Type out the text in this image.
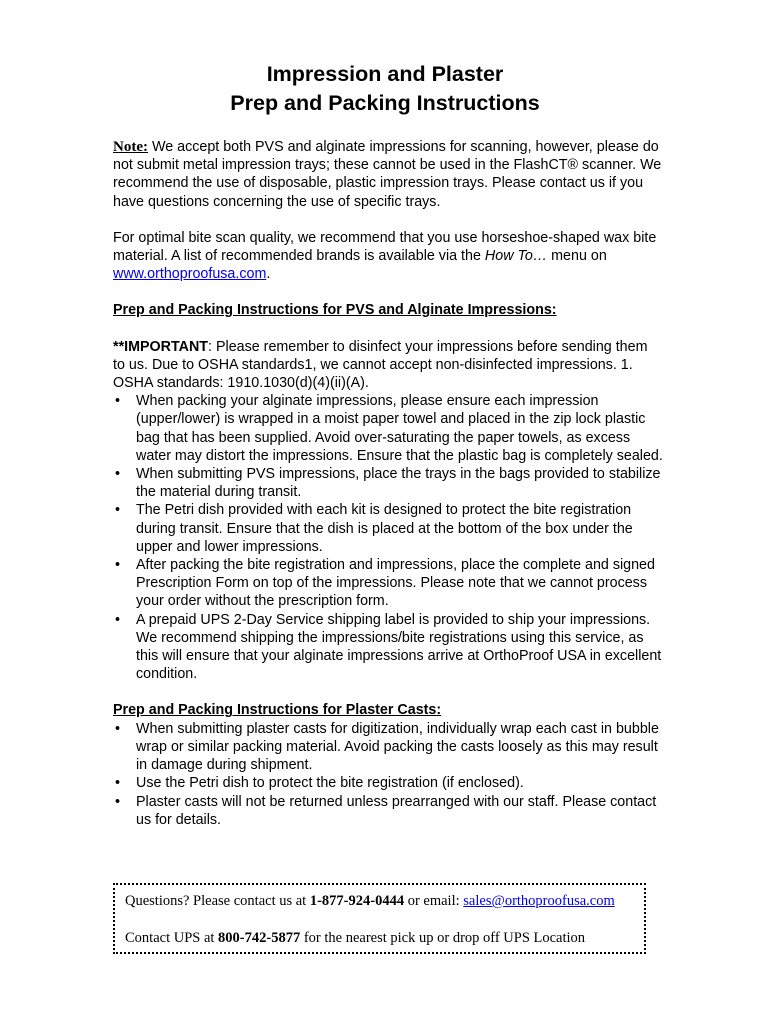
Impression and Plaster
Prep and Packing Instructions

Note: We accept both PVS and alginate impressions for scanning, however, please do not submit metal impression trays; these cannot be used in the FlashCT® scanner. We recommend the use of disposable, plastic impression trays. Please contact us if you have questions concerning the use of specific trays.

For optimal bite scan quality, we recommend that you use horseshoe-shaped wax bite material. A list of recommended brands is available via the How To… menu on www.orthoproofusa.com.

Prep and Packing Instructions for PVS and Alginate Impressions:

**IMPORTANT: Please remember to disinfect your impressions before sending them to us. Due to OSHA standards1, we cannot accept non-disinfected impressions. 1. OSHA standards: 1910.1030(d)(4)(ii)(A).

• When packing your alginate impressions, please ensure each impression (upper/lower) is wrapped in a moist paper towel and placed in the zip lock plastic bag that has been supplied. Avoid over-saturating the paper towels, as excess water may distort the impressions. Ensure that the plastic bag is completely sealed.
• When submitting PVS impressions, place the trays in the bags provided to stabilize the material during transit.
• The Petri dish provided with each kit is designed to protect the bite registration during transit. Ensure that the dish is placed at the bottom of the box under the upper and lower impressions.
• After packing the bite registration and impressions, place the complete and signed Prescription Form on top of the impressions. Please note that we cannot process your order without the prescription form.
• A prepaid UPS 2-Day Service shipping label is provided to ship your impressions. We recommend shipping the impressions/bite registrations using this service, as this will ensure that your alginate impressions arrive at OrthoProof USA in excellent condition.

Prep and Packing Instructions for Plaster Casts:

• When submitting plaster casts for digitization, individually wrap each cast in bubble wrap or similar packing material. Avoid packing the casts loosely as this may result in damage during shipment.
• Use the Petri dish to protect the bite registration (if enclosed).
• Plaster casts will not be returned unless prearranged with our staff. Please contact us for details.
Questions? Please contact us at 1-877-924-0444 or email: sales@orthoproofusa.com
Contact UPS at 800-742-5877 for the nearest pick up or drop off UPS Location
